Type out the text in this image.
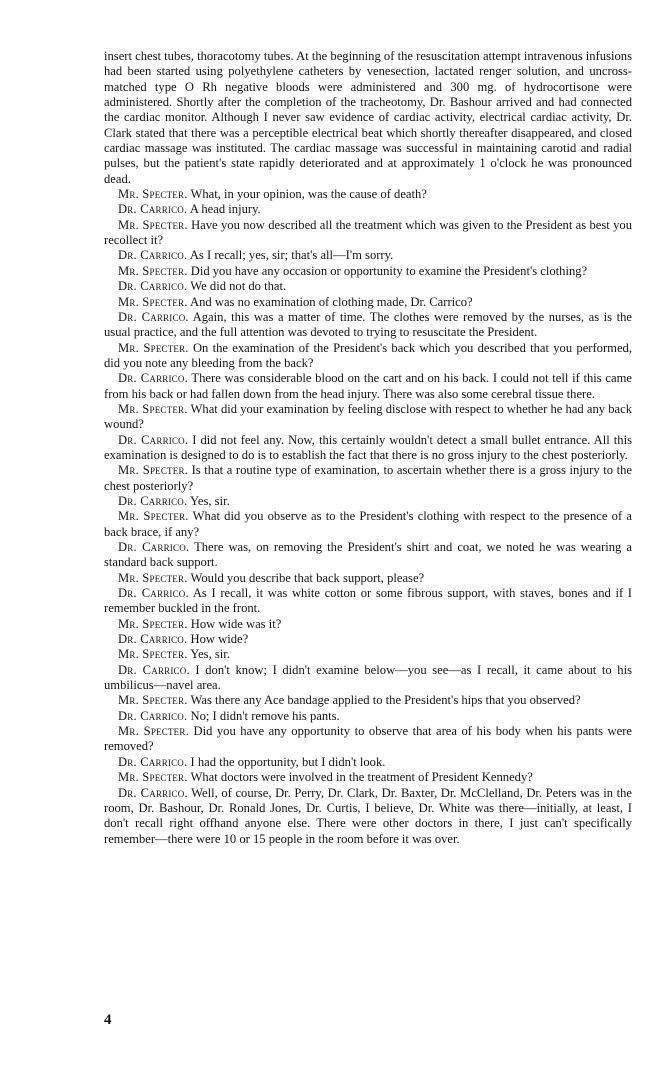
insert chest tubes, thoracotomy tubes. At the beginning of the resuscitation attempt intravenous infusions had been started using polyethylene catheters by venesection, lactated renger solution, and uncross-matched type O Rh negative bloods were administered and 300 mg. of hydrocortisone were administered. Shortly after the completion of the tracheotomy, Dr. Bashour arrived and had connected the cardiac monitor. Although I never saw evidence of cardiac activity, electrical cardiac activity, Dr. Clark stated that there was a perceptible electrical beat which shortly thereafter disappeared, and closed cardiac massage was instituted. The cardiac massage was successful in maintaining carotid and radial pulses, but the patient's state rapidly deteriorated and at approximately 1 o'clock he was pronounced dead.

Mr. Specter. What, in your opinion, was the cause of death?

Dr. Carrico. A head injury.

Mr. Specter. Have you now described all the treatment which was given to the President as best you recollect it?

Dr. Carrico. As I recall; yes, sir; that's all—I'm sorry.

Mr. Specter. Did you have any occasion or opportunity to examine the President's clothing?

Dr. Carrico. We did not do that.

Mr. Specter. And was no examination of clothing made, Dr. Carrico?

Dr. Carrico. Again, this was a matter of time. The clothes were removed by the nurses, as is the usual practice, and the full attention was devoted to trying to resuscitate the President.

Mr. Specter. On the examination of the President's back which you described that you performed, did you note any bleeding from the back?

Dr. Carrico. There was considerable blood on the cart and on his back. I could not tell if this came from his back or had fallen down from the head injury. There was also some cerebral tissue there.

Mr. Specter. What did your examination by feeling disclose with respect to whether he had any back wound?

Dr. Carrico. I did not feel any. Now, this certainly wouldn't detect a small bullet entrance. All this examination is designed to do is to establish the fact that there is no gross injury to the chest posteriorly.

Mr. Specter. Is that a routine type of examination, to ascertain whether there is a gross injury to the chest posteriorly?

Dr. Carrico. Yes, sir.

Mr. Specter. What did you observe as to the President's clothing with respect to the presence of a back brace, if any?

Dr. Carrico. There was, on removing the President's shirt and coat, we noted he was wearing a standard back support.

Mr. Specter. Would you describe that back support, please?

Dr. Carrico. As I recall, it was white cotton or some fibrous support, with staves, bones and if I remember buckled in the front.

Mr. Specter. How wide was it?

Dr. Carrico. How wide?

Mr. Specter. Yes, sir.

Dr. Carrico. I don't know; I didn't examine below—you see—as I recall, it came about to his umbilicus—navel area.

Mr. Specter. Was there any Ace bandage applied to the President's hips that you observed?

Dr. Carrico. No; I didn't remove his pants.

Mr. Specter. Did you have any opportunity to observe that area of his body when his pants were removed?

Dr. Carrico. I had the opportunity, but I didn't look.

Mr. Specter. What doctors were involved in the treatment of President Kennedy?

Dr. Carrico. Well, of course, Dr. Perry, Dr. Clark, Dr. Baxter, Dr. McClelland, Dr. Peters was in the room, Dr. Bashour, Dr. Ronald Jones, Dr. Curtis, I believe, Dr. White was there—initially, at least, I don't recall right offhand anyone else. There were other doctors in there, I just can't specifically remember—there were 10 or 15 people in the room before it was over.

4
